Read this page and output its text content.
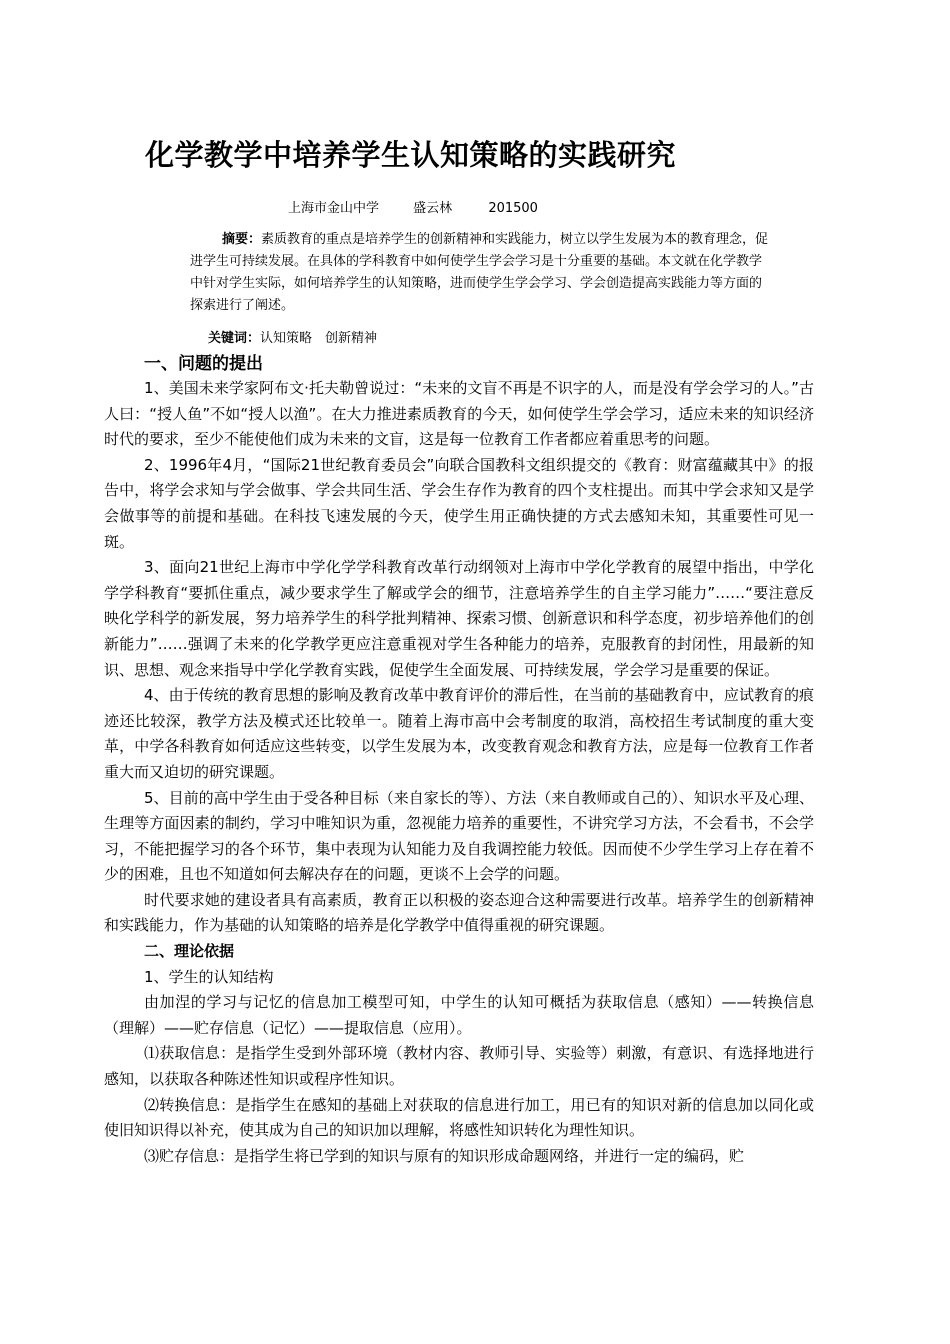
化学教学中培养学生认知策略的实践研究
上海市金山中学	盛云林	201500

摘要：素质教育的重点是培养学生的创新精神和实践能力，树立以学生发展为本的教育理念，促进学生可持续发展。在具体的学科教育中如何使学生学会学习是十分重要的基础。本文就在化学教学中针对学生实际，如何培养学生的认知策略，进而使学生学会学习、学会创造提高实践能力等方面的探索进行了阐述。

关键词：认知策略　创新精神

一、问题的提出

1、美国未来学家阿布文·托夫勒曾说过：“未来的文盲不再是不识字的人，而是没有学会学习的人。”古人曰：“授人鱼”不如“授人以渔”。在大力推进素质教育的今天，如何使学生学会学习，适应未来的知识经济时代的要求，至少不能使他们成为未来的文盲，这是每一位教育工作者都应着重思考的问题。

2、1996年4月，“国际21世纪教育委员会”向联合国教科文组织提交的《教育：财富蕴藏其中》的报告中，将学会求知与学会做事、学会共同生活、学会生存作为教育的四个支柱提出。而其中学会求知又是学会做事等的前提和基础。在科技飞速发展的今天，使学生用正确快捷的方式去感知未知，其重要性可见一斑。

3、面向21世纪上海市中学化学学科教育改革行动纲领对上海市中学化学教育的展望中指出，中学化学学科教育“要抓住重点，减少要求学生了解或学会的细节，注意培养学生的自主学习能力”……“要注意反映化学科学的新发展，努力培养学生的科学批判精神、探索习惯、创新意识和科学态度，初步培养他们的创新能力”……强调了未来的化学教学更应注意重视对学生各种能力的培养，克服教育的封闭性，用最新的知识、思想、观念来指导中学化学教育实践，促使学生全面发展、可持续发展，学会学习是重要的保证。

4、由于传统的教育思想的影响及教育改革中教育评价的滞后性，在当前的基础教育中，应试教育的痕迹还比较深，教学方法及模式还比较单一。随着上海市高中会考制度的取消，高校招生考试制度的重大变革，中学各科教育如何适应这些转变，以学生发展为本，改变教育观念和教育方法，应是每一位教育工作者重大而又迫切的研究课题。

5、目前的高中学生由于受各种目标（来自家长的等）、方法（来自教师或自己的）、知识水平及心理、生理等方面因素的制约，学习中唯知识为重，忽视能力培养的重要性，不讲究学习方法，不会看书，不会学习，不能把握学习的各个环节，集中表现为认知能力及自我调控能力较低。因而使不少学生学习上存在着不少的困难，且也不知道如何去解决存在的问题，更谈不上会学的问题。

时代要求她的建设者具有高素质，教育正以积极的姿态迎合这种需要进行改革。培养学生的创新精神和实践能力，作为基础的认知策略的培养是化学教学中值得重视的研究课题。

二、理论依据

1、学生的认知结构

由加涅的学习与记忆的信息加工模型可知，中学生的认知可概括为获取信息（感知）——转换信息（理解）——贮存信息（记忆）——提取信息（应用）。

⑴获取信息：是指学生受到外部环境（教材内容、教师引导、实验等）刺激，有意识、有选择地进行感知，以获取各种陈述性知识或程序性知识。

⑵转换信息：是指学生在感知的基础上对获取的信息进行加工，用已有的知识对新的信息加以同化或使旧知识得以补充，使其成为自己的知识加以理解，将感性知识转化为理性知识。

⑶贮存信息：是指学生将已学到的知识与原有的知识形成命题网络，并进行一定的编码，贮
